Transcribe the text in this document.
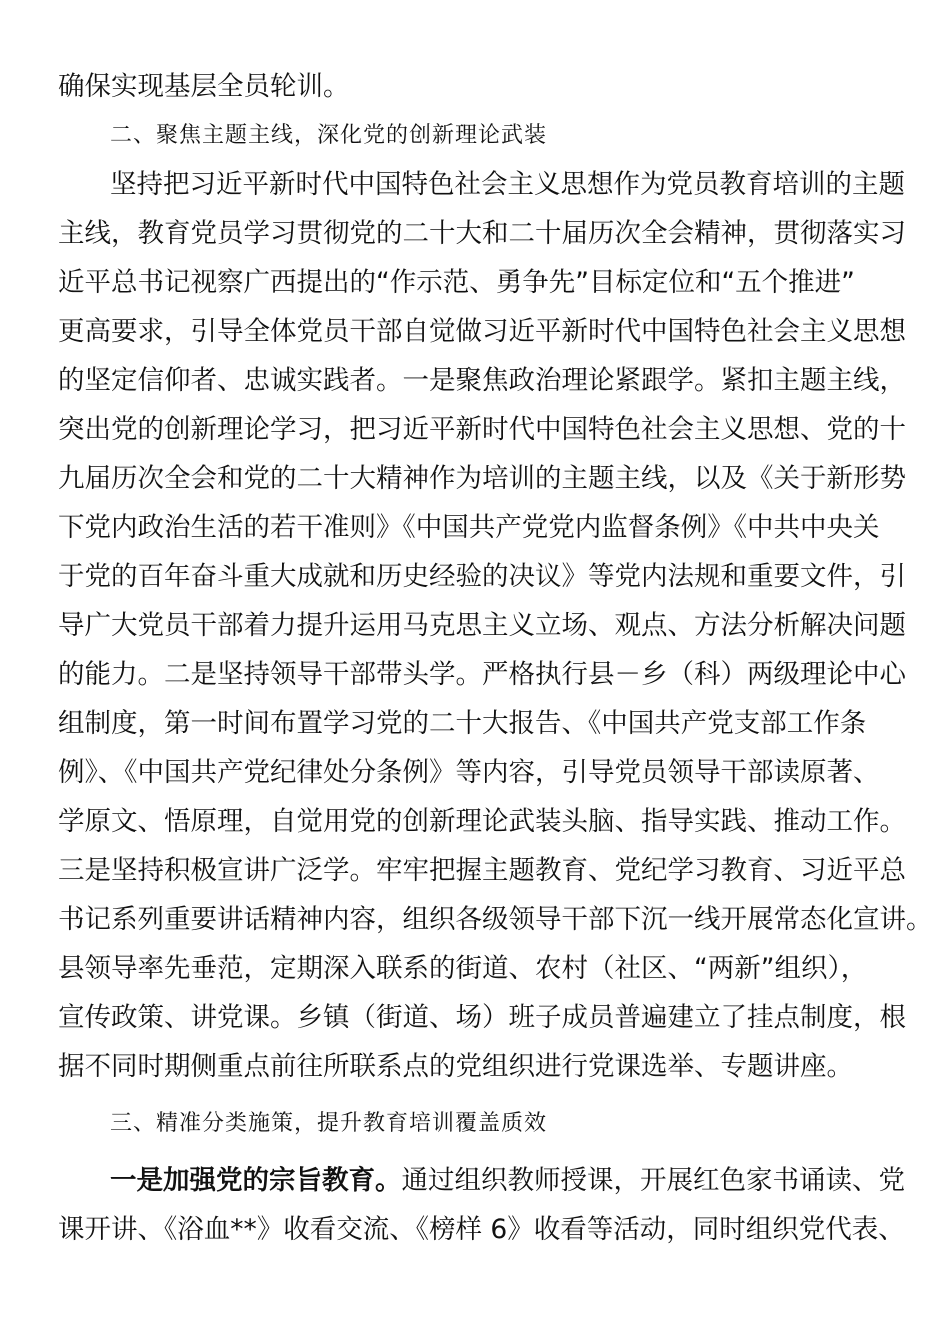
确保实现基层全员轮训。

二、聚焦主题主线，深化党的创新理论武装

坚持把习近平新时代中国特色社会主义思想作为党员教育培训的主题

主线，教育党员学习贯彻党的二十大和二十届历次全会精神，贯彻落实习

近平总书记视察广西提出的“作示范、勇争先”目标定位和“五个推进”

更高要求，引导全体党员干部自觉做习近平新时代中国特色社会主义思想

的坚定信仰者、忠诚实践者。一是聚焦政治理论紧跟学。紧扣主题主线，

突出党的创新理论学习，把习近平新时代中国特色社会主义思想、党的十

九届历次全会和党的二十大精神作为培训的主题主线，以及《关于新形势

下党内政治生活的若干准则》《中国共产党党内监督条例》《中共中央关

于党的百年奋斗重大成就和历史经验的决议》等党内法规和重要文件，引

导广大党员干部着力提升运用马克思主义立场、观点、方法分析解决问题

的能力。二是坚持领导干部带头学。严格执行县－乡（科）两级理论中心

组制度，第一时间布置学习党的二十大报告、《中国共产党支部工作条

例》、《中国共产党纪律处分条例》等内容，引导党员领导干部读原著、

学原文、悟原理，自觉用党的创新理论武装头脑、指导实践、推动工作。

三是坚持积极宣讲广泛学。牢牢把握主题教育、党纪学习教育、习近平总

书记系列重要讲话精神内容，组织各级领导干部下沉一线开展常态化宣讲。

县领导率先垂范，定期深入联系的街道、农村（社区、“两新”组织），

宣传政策、讲党课。乡镇（街道、场）班子成员普遍建立了挂点制度，根

据不同时期侧重点前往所联系点的党组织进行党课选举、专题讲座。

三、精准分类施策，提升教育培训覆盖质效

一是加强党的宗旨教育。通过组织教师授课，开展红色家书诵读、党

课开讲、《浴血**》收看交流、《榜样 6》收看等活动，同时组织党代表、
